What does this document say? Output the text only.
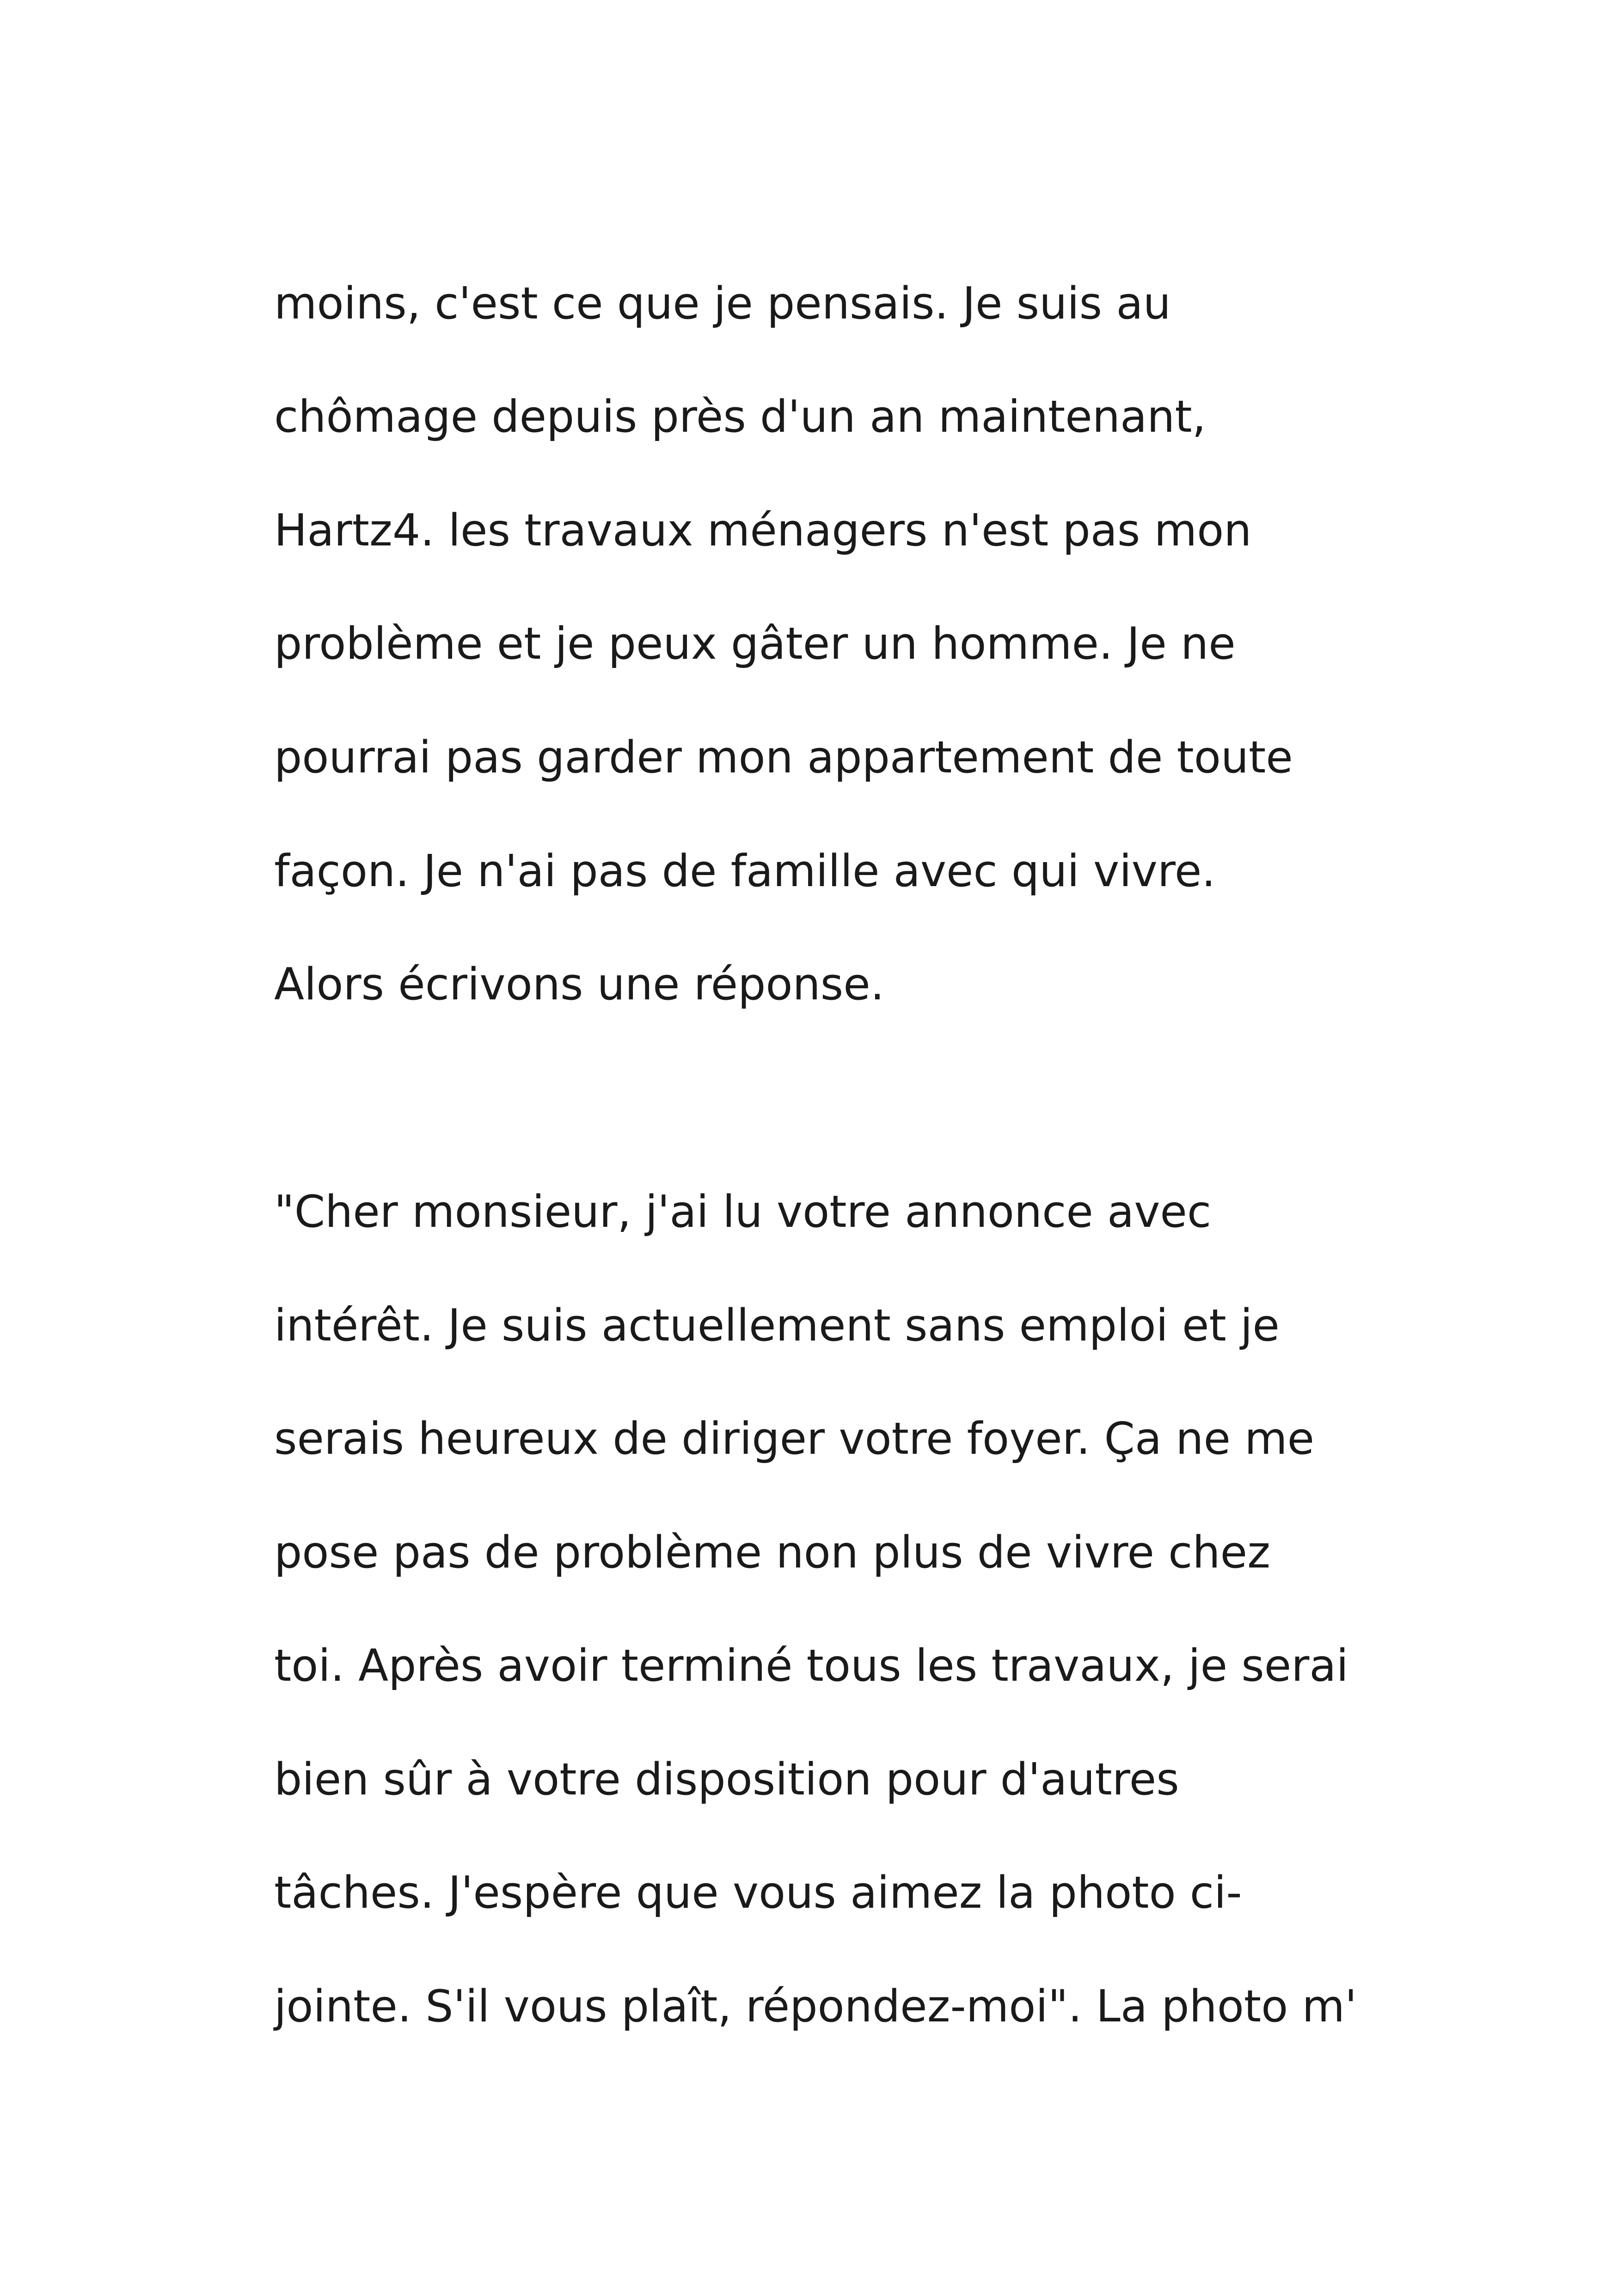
moins, c'est ce que je pensais. Je suis au
chômage depuis près d'un an maintenant,
Hartz4. les travaux ménagers n'est pas mon
problème et je peux gâter un homme. Je ne
pourrai pas garder mon appartement de toute
façon. Je n'ai pas de famille avec qui vivre.
Alors écrivons une réponse.
"Cher monsieur, j'ai lu votre annonce avec
intérêt. Je suis actuellement sans emploi et je
serais heureux de diriger votre foyer. Ça ne me
pose pas de problème non plus de vivre chez
toi. Après avoir terminé tous les travaux, je serai
bien sûr à votre disposition pour d'autres
tâches. J'espère que vous aimez la photo ci-
jointe. S'il vous plaît, répondez-moi". La photo m'
